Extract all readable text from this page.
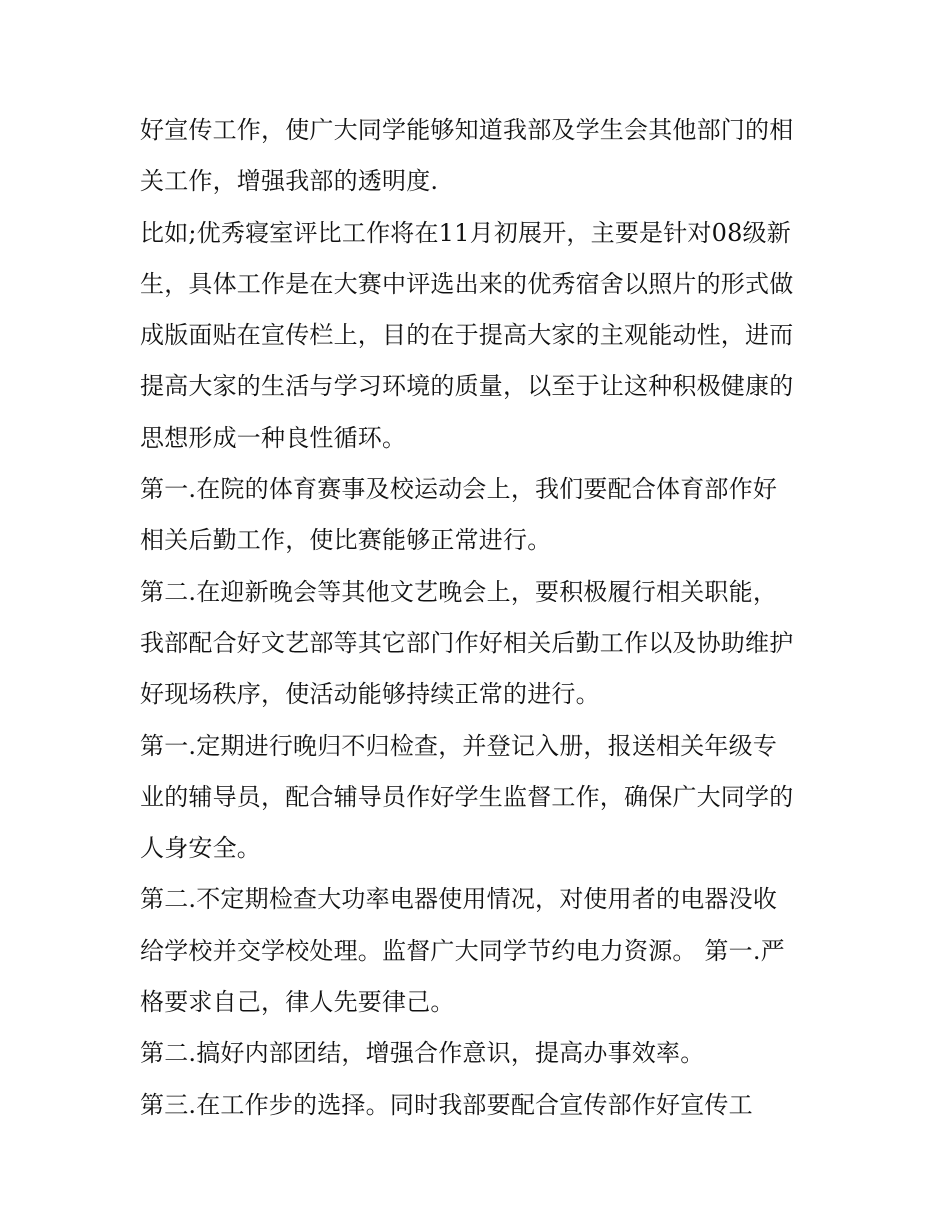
好宣传工作，使广大同学能够知道我部及学生会其他部门的相
关工作，增强我部的透明度.
比如;优秀寝室评比工作将在11月初展开，主要是针对08级新
生，具体工作是在大赛中评选出来的优秀宿舍以照片的形式做
成版面贴在宣传栏上，目的在于提高大家的主观能动性，进而
提高大家的生活与学习环境的质量，以至于让这种积极健康的
思想形成一种良性循环。
第一.在院的体育赛事及校运动会上，我们要配合体育部作好
相关后勤工作，使比赛能够正常进行。
第二.在迎新晚会等其他文艺晚会上，要积极履行相关职能，
我部配合好文艺部等其它部门作好相关后勤工作以及协助维护
好现场秩序，使活动能够持续正常的进行。
第一.定期进行晚归不归检查，并登记入册，报送相关年级专
业的辅导员，配合辅导员作好学生监督工作，确保广大同学的
人身安全。
第二.不定期检查大功率电器使用情况，对使用者的电器没收
给学校并交学校处理。监督广大同学节约电力资源。 第一.严
格要求自己，律人先要律己。
第二.搞好内部团结，增强合作意识，提高办事效率。
第三.在工作步的选择。同时我部要配合宣传部作好宣传工
